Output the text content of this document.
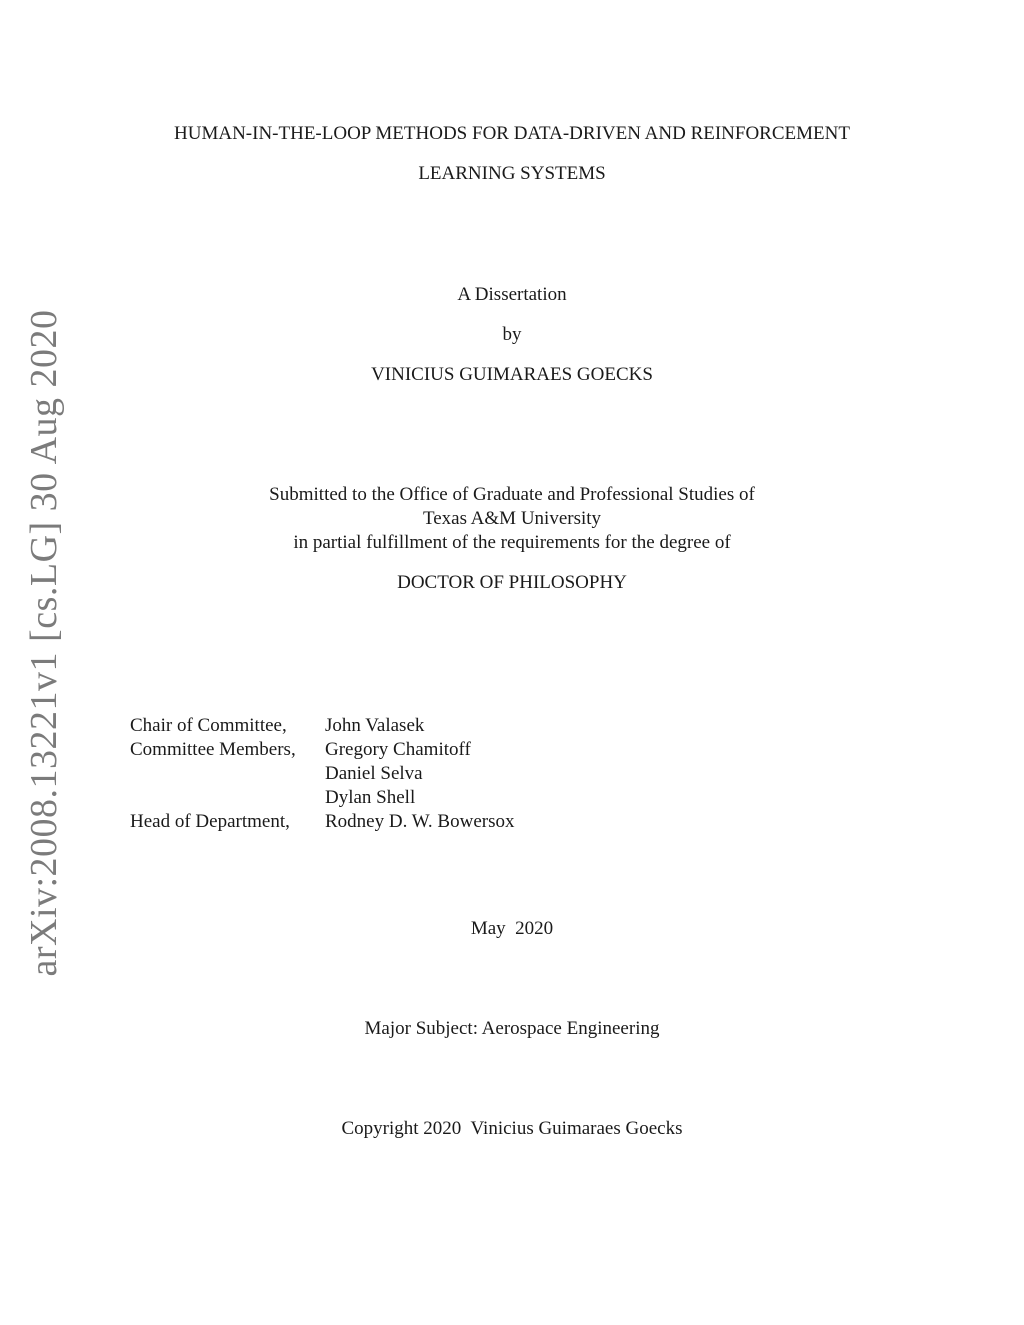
arXiv:2008.13221v1 [cs.LG] 30 Aug 2020
HUMAN-IN-THE-LOOP METHODS FOR DATA-DRIVEN AND REINFORCEMENT
LEARNING SYSTEMS
A Dissertation
by
VINICIUS GUIMARAES GOECKS
Submitted to the Office of Graduate and Professional Studies of
Texas A&M University
in partial fulfillment of the requirements for the degree of
DOCTOR OF PHILOSOPHY
Chair of Committee,	John Valasek
Committee Members,	Gregory Chamitoff
Daniel Selva
Dylan Shell
Head of Department,	Rodney D. W. Bowersox
May  2020
Major Subject: Aerospace Engineering
Copyright 2020  Vinicius Guimaraes Goecks
